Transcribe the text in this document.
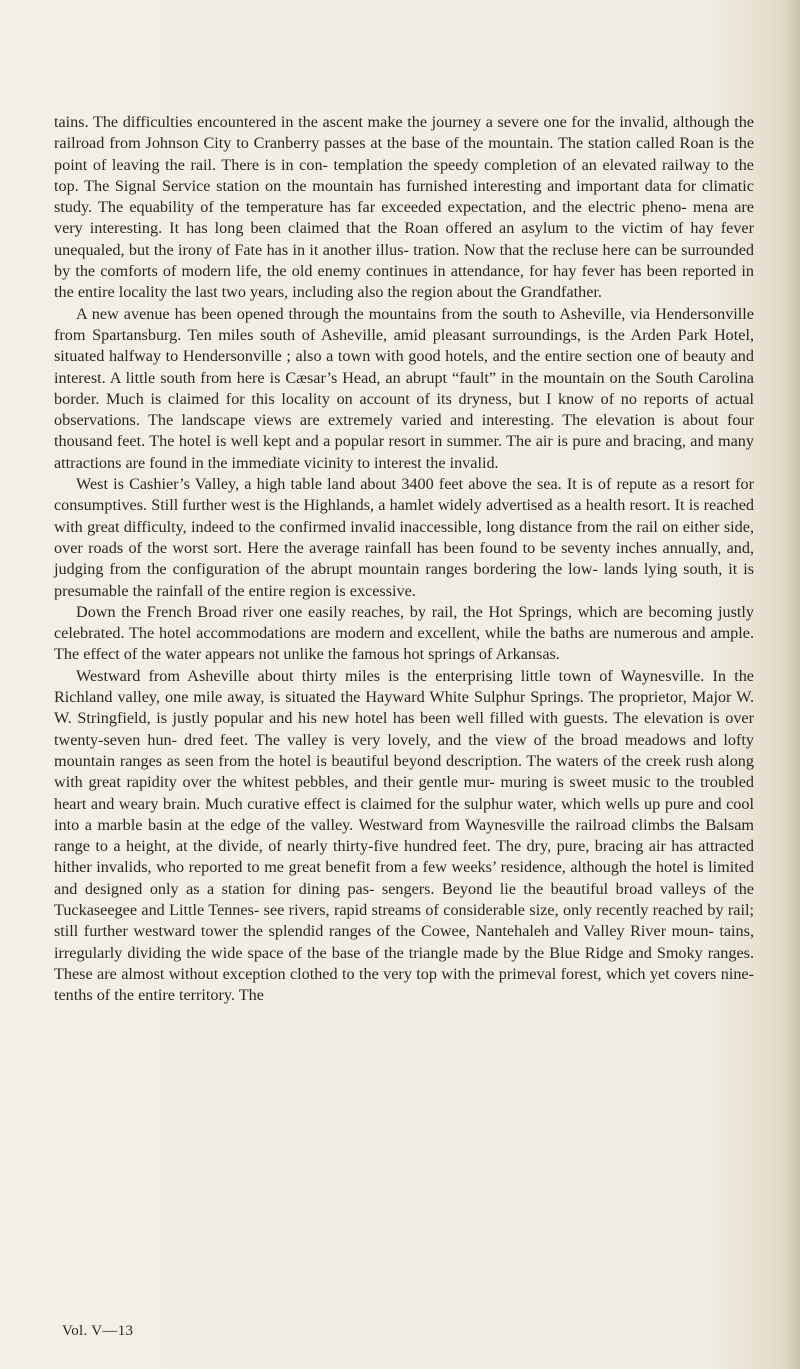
tains. The difficulties encountered in the ascent make the journey a severe one for the invalid, although the railroad from Johnson City to Cranberry passes at the base of the mountain. The station called Roan is the point of leaving the rail. There is in con- templation the speedy completion of an elevated railway to the top. The Signal Service station on the mountain has furnished interesting and important data for climatic study. The equability of the temperature has far exceeded expectation, and the electric pheno- mena are very interesting. It has long been claimed that the Roan offered an asylum to the victim of hay fever unequaled, but the irony of Fate has in it another illus- tration. Now that the recluse here can be surrounded by the comforts of modern life, the old enemy continues in attendance, for hay fever has been reported in the entire locality the last two years, including also the region about the Grandfather.

A new avenue has been opened through the mountains from the south to Asheville, via Hendersonville from Spartansburg. Ten miles south of Asheville, amid pleasant surroundings, is the Arden Park Hotel, situated halfway to Hendersonville ; also a town with good hotels, and the entire section one of beauty and interest. A little south from here is Cæsar’s Head, an abrupt “fault” in the mountain on the South Carolina border. Much is claimed for this locality on account of its dryness, but I know of no reports of actual observations. The landscape views are extremely varied and interesting. The elevation is about four thousand feet. The hotel is well kept and a popular resort in summer. The air is pure and bracing, and many attractions are found in the immediate vicinity to interest the invalid.

West is Cashier’s Valley, a high table land about 3400 feet above the sea. It is of repute as a resort for consumptives. Still further west is the Highlands, a hamlet widely advertised as a health resort. It is reached with great difficulty, indeed to the confirmed invalid inaccessible, long distance from the rail on either side, over roads of the worst sort. Here the average rainfall has been found to be seventy inches annually, and, judging from the configuration of the abrupt mountain ranges bordering the low- lands lying south, it is presumable the rainfall of the entire region is excessive.

Down the French Broad river one easily reaches, by rail, the Hot Springs, which are becoming justly celebrated. The hotel accommodations are modern and excellent, while the baths are numerous and ample. The effect of the water appears not unlike the famous hot springs of Arkansas.

Westward from Asheville about thirty miles is the enterprising little town of Waynesville. In the Richland valley, one mile away, is situated the Hayward White Sulphur Springs. The proprietor, Major W. W. Stringfield, is justly popular and his new hotel has been well filled with guests. The elevation is over twenty-seven hun- dred feet. The valley is very lovely, and the view of the broad meadows and lofty mountain ranges as seen from the hotel is beautiful beyond description. The waters of the creek rush along with great rapidity over the whitest pebbles, and their gentle mur- muring is sweet music to the troubled heart and weary brain. Much curative effect is claimed for the sulphur water, which wells up pure and cool into a marble basin at the edge of the valley. Westward from Waynesville the railroad climbs the Balsam range to a height, at the divide, of nearly thirty-five hundred feet. The dry, pure, bracing air has attracted hither invalids, who reported to me great benefit from a few weeks’ residence, although the hotel is limited and designed only as a station for dining pas- sengers. Beyond lie the beautiful broad valleys of the Tuckaseegee and Little Tennes- see rivers, rapid streams of considerable size, only recently reached by rail; still further westward tower the splendid ranges of the Cowee, Nantehaleh and Valley River moun- tains, irregularly dividing the wide space of the base of the triangle made by the Blue Ridge and Smoky ranges. These are almost without exception clothed to the very top with the primeval forest, which yet covers nine-tenths of the entire territory. The

Vol. V—13
